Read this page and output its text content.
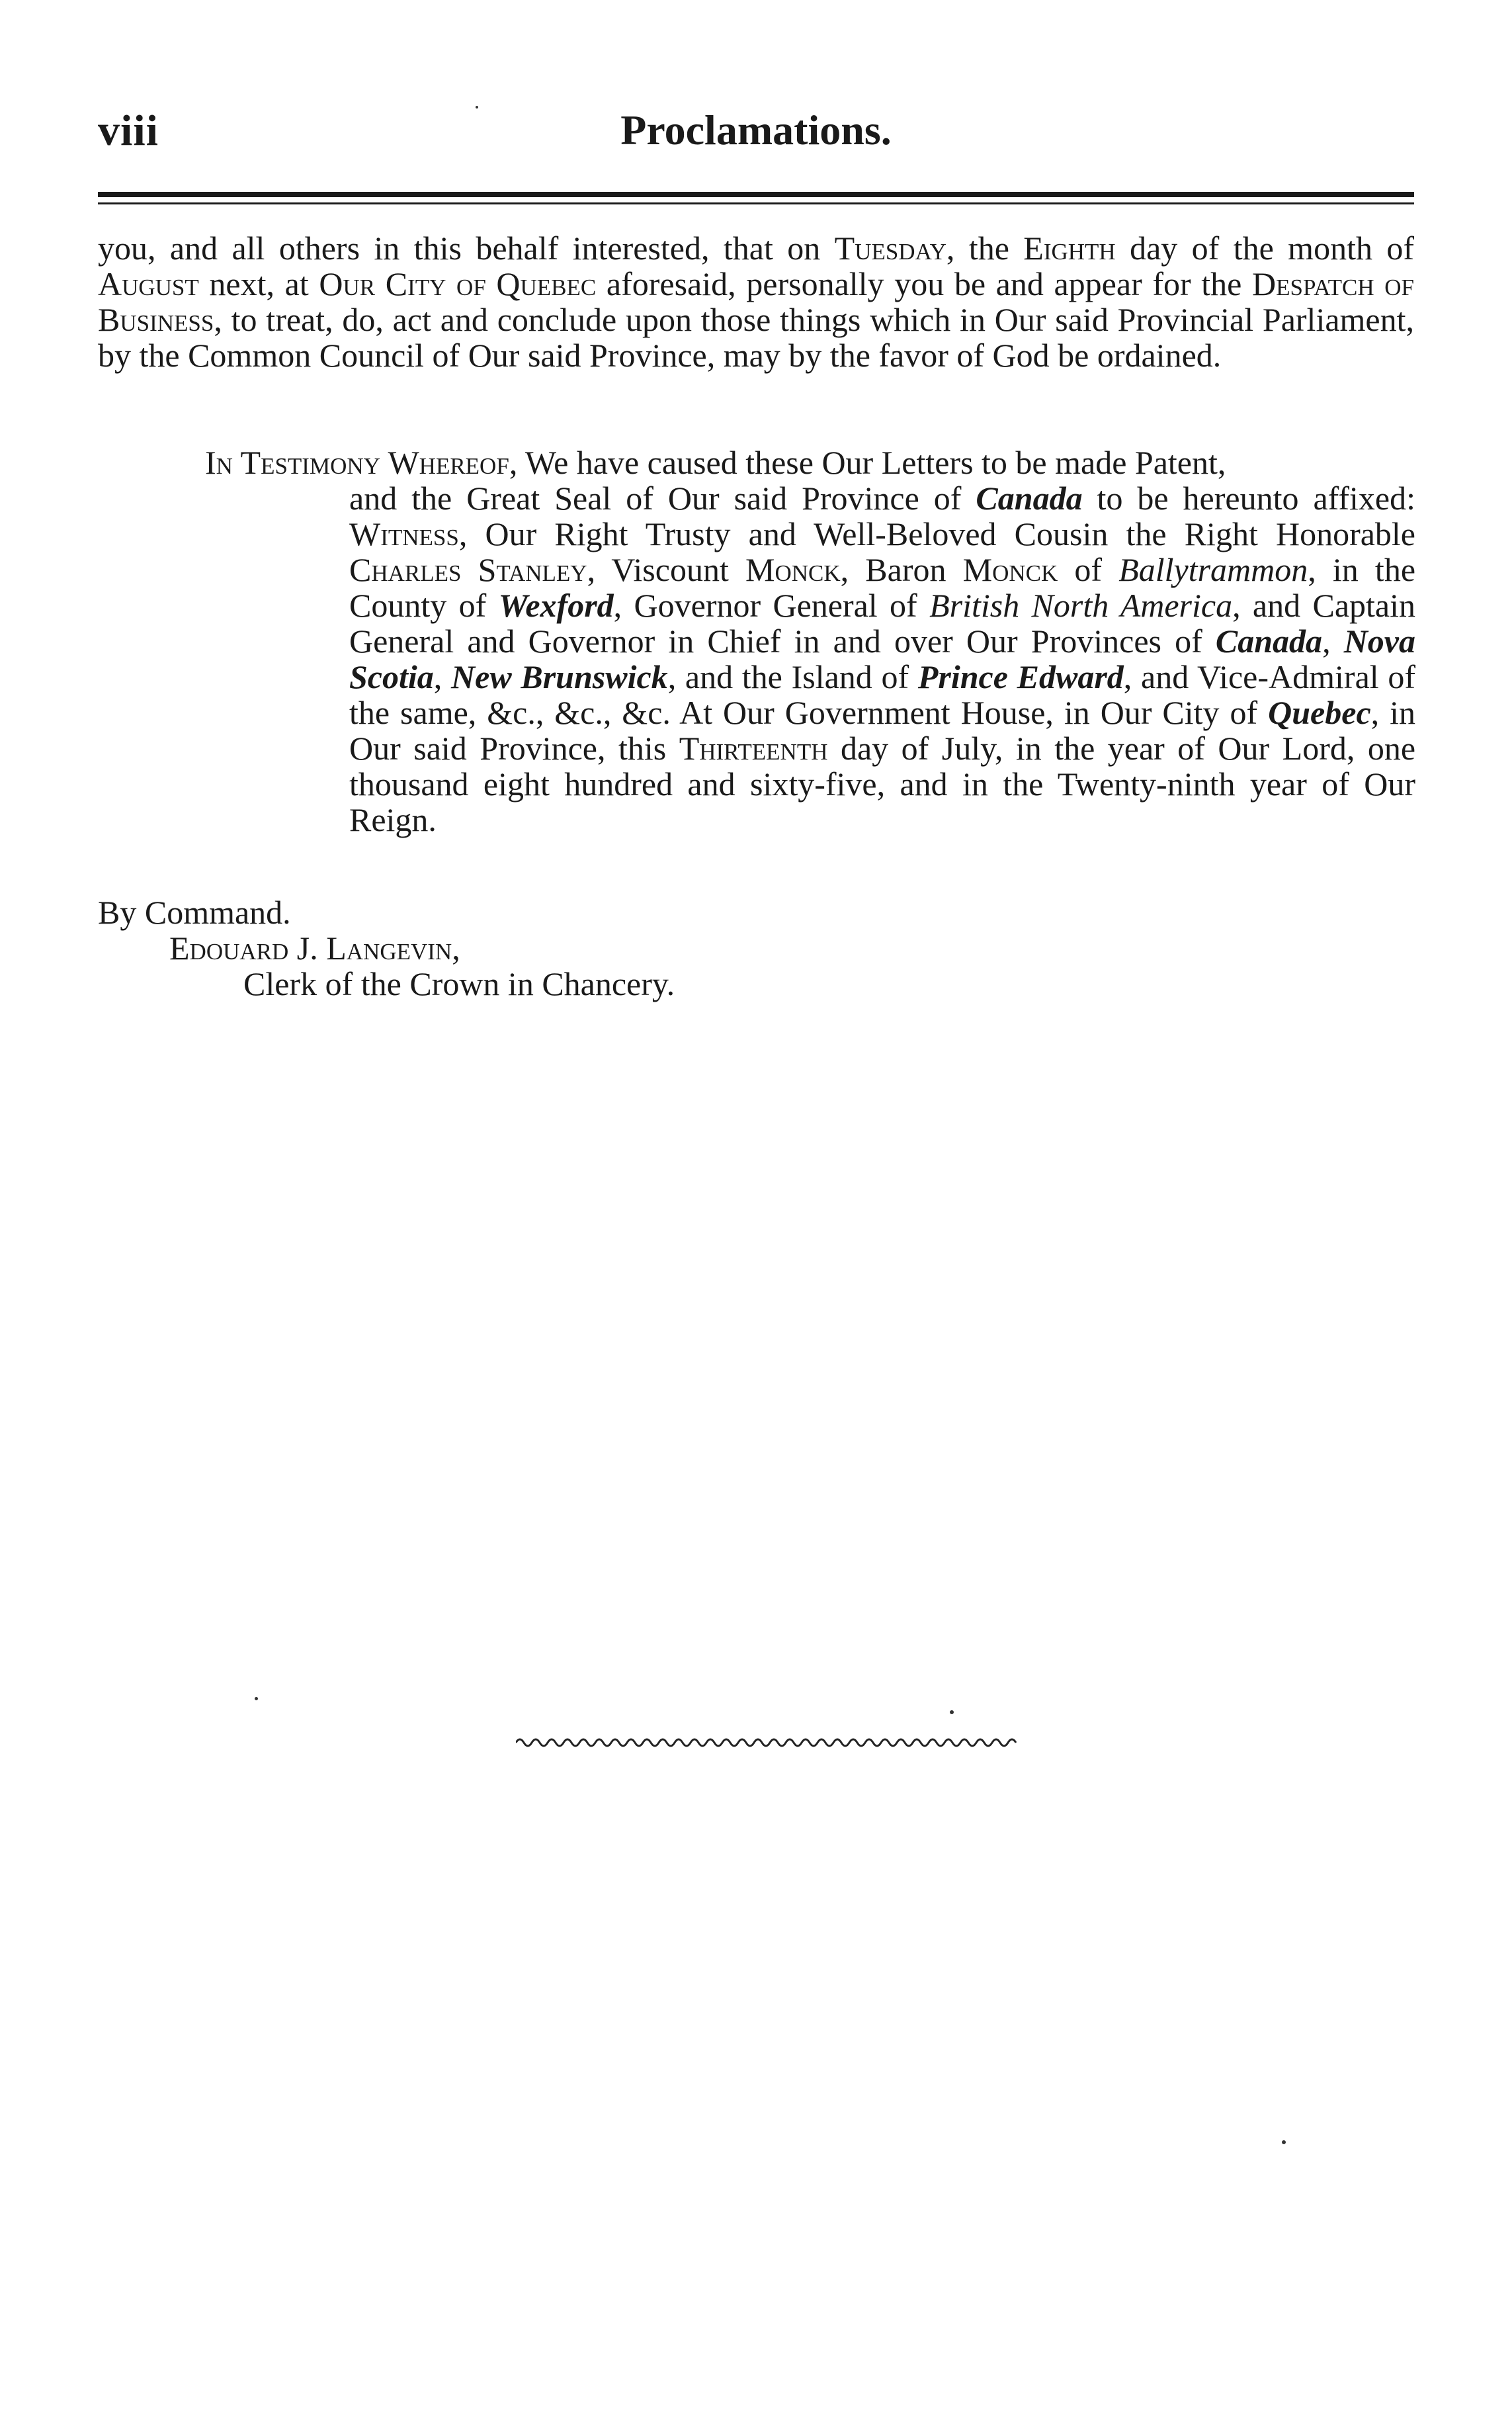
viii	Proclamations.
you, and all others in this behalf interested, that on Tuesday, the Eighth day of the month of August next, at Our City of Quebec aforesaid, personally you be and appear for the Despatch of Business, to treat, do, act and conclude upon those things which in Our said Provincial Parliament, by the Common Council of Our said Province, may by the favor of God be ordained.
In Testimony Whereof, We have caused these Our Letters to be made Patent,
and the Great Seal of Our said Province of Canada to be hereunto affixed: Witness, Our Right Trusty and Well-Beloved Cousin the Right Honorable Charles Stanley, Viscount Monck, Baron Monck of Ballytrammon, in the County of Wexford, Governor General of British North America, and Captain General and Governor in Chief in and over Our Provinces of Canada, Nova Scotia, New Brunswick, and the Island of Prince Edward, and Vice-Admiral of the same, &c., &c., &c. At Our Government House, in Our City of Quebec, in Our said Province, this Thirteenth day of July, in the year of Our Lord, one thousand eight hundred and sixty-five, and in the Twenty-ninth year of Our Reign.
By Command.
Edouard J. Langevin,
Clerk of the Crown in Chancery.
